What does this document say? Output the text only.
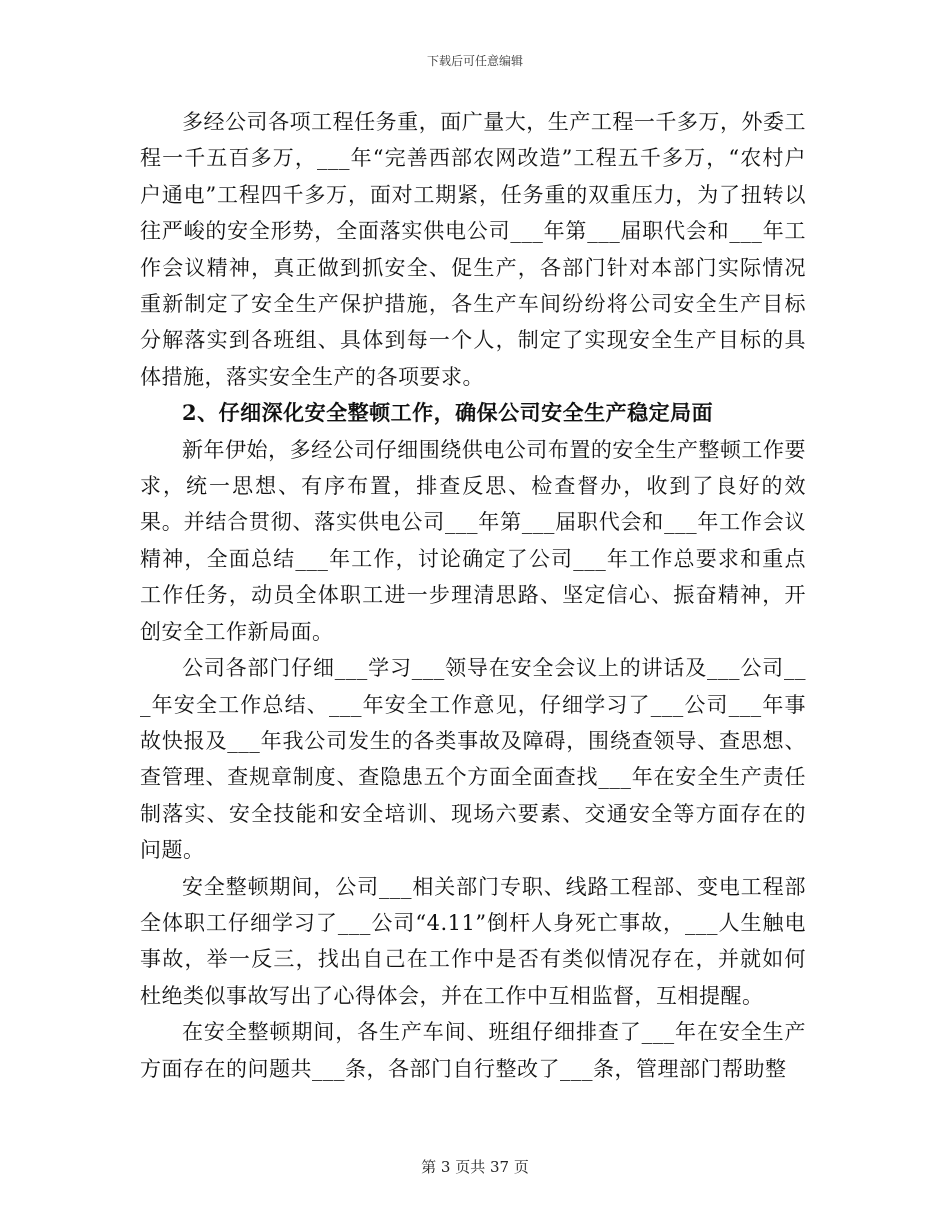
下载后可任意编辑

多经公司各项工程任务重，面广量大，生产工程一千多万，外委工程一千五百多万，___年“完善西部农网改造”工程五千多万，“农村户户通电”工程四千多万，面对工期紧，任务重的双重压力，为了扭转以往严峻的安全形势，全面落实供电公司___年第___届职代会和___年工作会议精神，真正做到抓安全、促生产，各部门针对本部门实际情况重新制定了安全生产保护措施，各生产车间纷纷将公司安全生产目标分解落实到各班组、具体到每一个人，制定了实现安全生产目标的具体措施，落实安全生产的各项要求。

2、仔细深化安全整顿工作，确保公司安全生产稳定局面

新年伊始，多经公司仔细围绕供电公司布置的安全生产整顿工作要求，统一思想、有序布置，排查反思、检查督办，收到了良好的效果。并结合贯彻、落实供电公司___年第___届职代会和___年工作会议精神，全面总结___年工作，讨论确定了公司___年工作总要求和重点工作任务，动员全体职工进一步理清思路、坚定信心、振奋精神，开创安全工作新局面。

公司各部门仔细___学习___领导在安全会议上的讲话及___公司___年安全工作总结、___年安全工作意见，仔细学习了___公司___年事故快报及___年我公司发生的各类事故及障碍，围绕查领导、查思想、查管理、查规章制度、查隐患五个方面全面查找___年在安全生产责任制落实、安全技能和安全培训、现场六要素、交通安全等方面存在的问题。

安全整顿期间，公司___相关部门专职、线路工程部、变电工程部全体职工仔细学习了___公司“4.11”倒杆人身死亡事故，___人生触电事故，举一反三，找出自己在工作中是否有类似情况存在，并就如何杜绝类似事故写出了心得体会，并在工作中互相监督，互相提醒。

在安全整顿期间，各生产车间、班组仔细排查了___年在安全生产方面存在的问题共___条，各部门自行整改了___条，管理部门帮助整

第 3 页共 37 页
